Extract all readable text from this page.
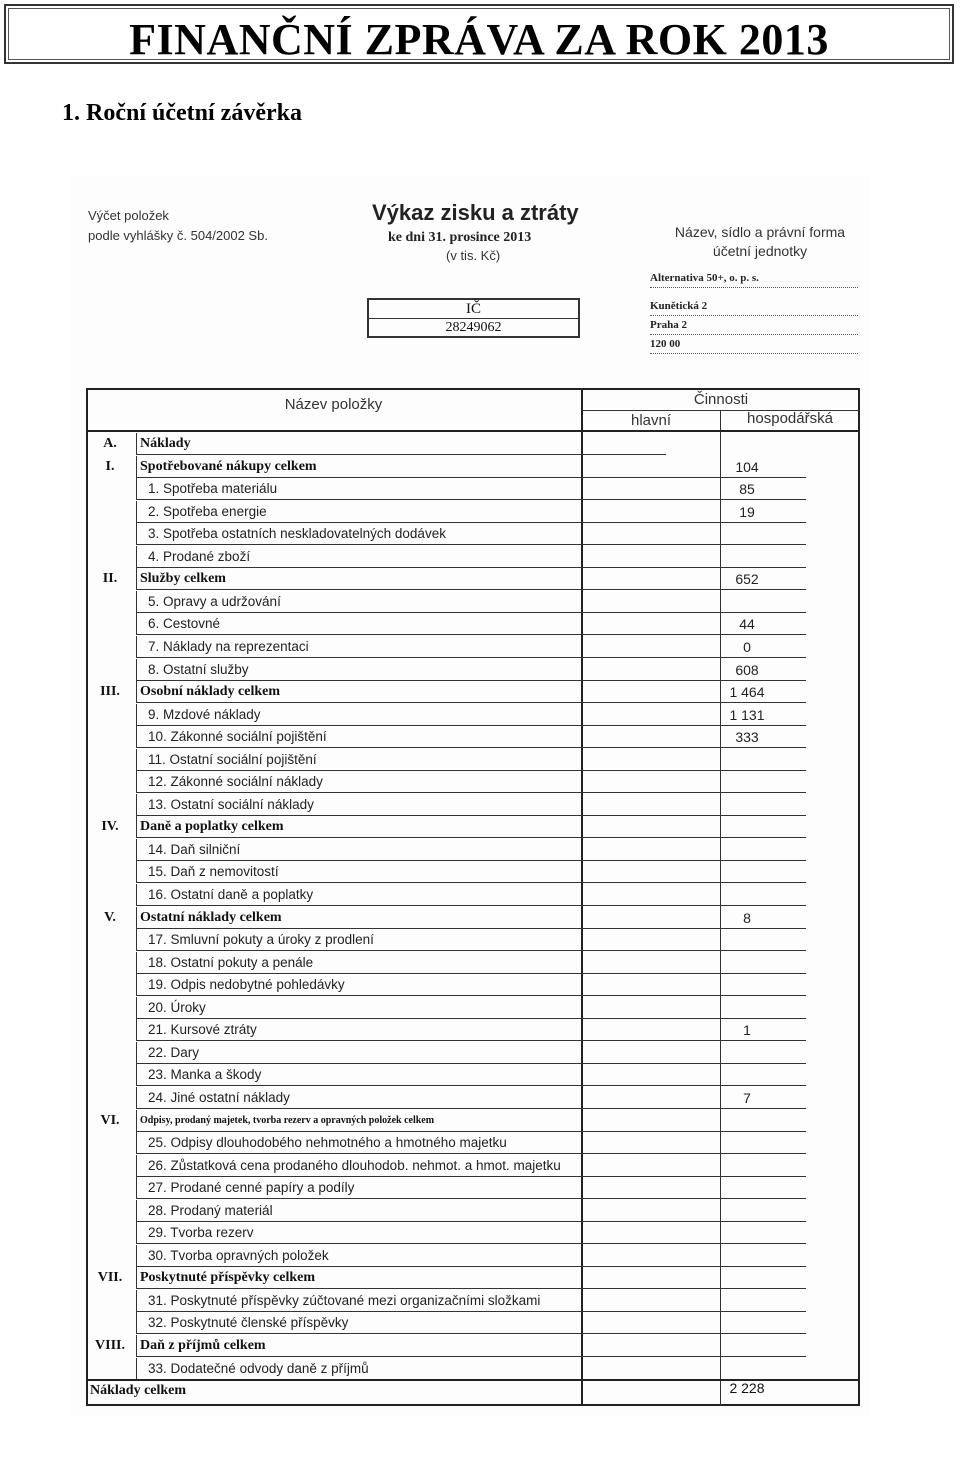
FINANČNÍ ZPRÁVA ZA ROK 2013
1. Roční účetní závěrka
Výčet položek
podle vyhlášky č. 504/2002 Sb.
Výkaz zisku a ztráty
ke dni 31. prosince 2013
(v tis. Kč)
Název, sídlo a právní forma
účetní jednotky
IČ
28249062
Alternativa 50+, o. p. s.
Kunětická 2
Praha 2
120 00
Název položky	Činnosti
hlavní	hospodářská
A.	Náklady
I.	Spotřebované nákupy celkem	104
1. Spotřeba materiálu	85
2. Spotřeba energie	19
3. Spotřeba ostatních neskladovatelných dodávek
4. Prodané zboží
II.	Služby celkem	652
5. Opravy a udržování
6. Cestovné	44
7. Náklady na reprezentaci	0
8. Ostatní služby	608
III.	Osobní náklady celkem	1 464
9. Mzdové náklady	1 131
10. Zákonné sociální pojištění	333
11. Ostatní sociální pojištění
12. Zákonné sociální náklady
13. Ostatní sociální náklady
IV.	Daně a poplatky celkem
14. Daň silniční
15. Daň z nemovitostí
16. Ostatní daně a poplatky
V.	Ostatní náklady celkem	8
17. Smluvní pokuty a úroky z prodlení
18. Ostatní pokuty a penále
19. Odpis nedobytné pohledávky
20. Úroky
21. Kursové ztráty	1
22. Dary
23. Manka a škody
24. Jiné ostatní náklady	7
VI.	Odpisy, prodaný majetek, tvorba rezerv a opravných položek celkem
25. Odpisy dlouhodobého nehmotného a hmotného majetku
26. Zůstatková cena prodaného dlouhodob. nehmot. a hmot. majetku
27. Prodané cenné papíry a podíly
28. Prodaný materiál
29. Tvorba rezerv
30. Tvorba opravných položek
VII.	Poskytnuté příspěvky celkem
31. Poskytnuté příspěvky zúčtované mezi organizačními složkami
32. Poskytnuté členské příspěvky
VIII.	Daň z příjmů celkem
33. Dodatečné odvody daně z příjmů
Náklady celkem	2 228
